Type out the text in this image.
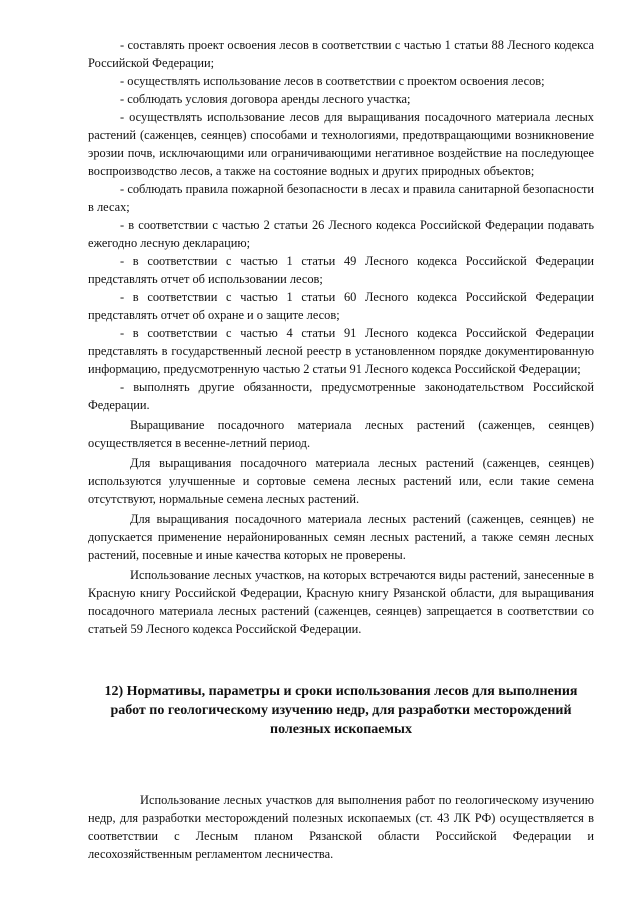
- составлять проект освоения лесов в соответствии с частью 1 статьи 88 Лесного кодекса Российской Федерации;

- осуществлять использование лесов в соответствии с проектом освоения лесов;

- соблюдать условия договора аренды лесного участка;

- осуществлять использование лесов для выращивания посадочного материала лесных растений (саженцев, сеянцев) способами и технологиями, предотвращающими возникновение эрозии почв, исключающими или ограничивающими негативное воздействие на последующее воспроизводство лесов, а также на состояние водных и других природных объектов;

- соблюдать правила пожарной безопасности в лесах и правила санитарной безопасности в лесах;

- в соответствии с частью 2 статьи 26 Лесного кодекса Российской Федерации подавать ежегодно лесную декларацию;

- в соответствии с частью 1 статьи 49 Лесного кодекса Российской Федерации представлять отчет об использовании лесов;

- в соответствии с частью 1 статьи 60 Лесного кодекса Российской Федерации представлять отчет об охране и о защите лесов;

- в соответствии с частью 4 статьи 91 Лесного кодекса Российской Федерации представлять в государственный лесной реестр в установленном порядке документированную информацию, предусмотренную частью 2 статьи 91 Лесного кодекса Российской Федерации;

- выполнять другие обязанности, предусмотренные законодательством Российской Федерации.

Выращивание посадочного материала лесных растений (саженцев, сеянцев) осуществляется в весенне-летний период.

Для выращивания посадочного материала лесных растений (саженцев, сеянцев) используются улучшенные и сортовые семена лесных растений или, если такие семена отсутствуют, нормальные семена лесных растений.

Для выращивания посадочного материала лесных растений (саженцев, сеянцев) не допускается применение нерайонированных семян лесных растений, а также семян лесных растений, посевные и иные качества которых не проверены.

Использование лесных участков, на которых встречаются виды растений, занесенные в Красную книгу Российской Федерации, Красную книгу Рязанской области, для выращивания посадочного материала лесных растений (саженцев, сеянцев) запрещается в соответствии со статьей 59 Лесного кодекса Российской Федерации.

12) Нормативы, параметры и сроки использования лесов для выполнения работ по геологическому изучению недр, для разработки месторождений полезных ископаемых

Использование лесных участков для выполнения работ по геологическому изучению недр, для разработки месторождений полезных ископаемых (ст. 43 ЛК РФ) осуществляется в соответствии с Лесным планом Рязанской области Российской Федерации и лесохозяйственным регламентом лесничества.
